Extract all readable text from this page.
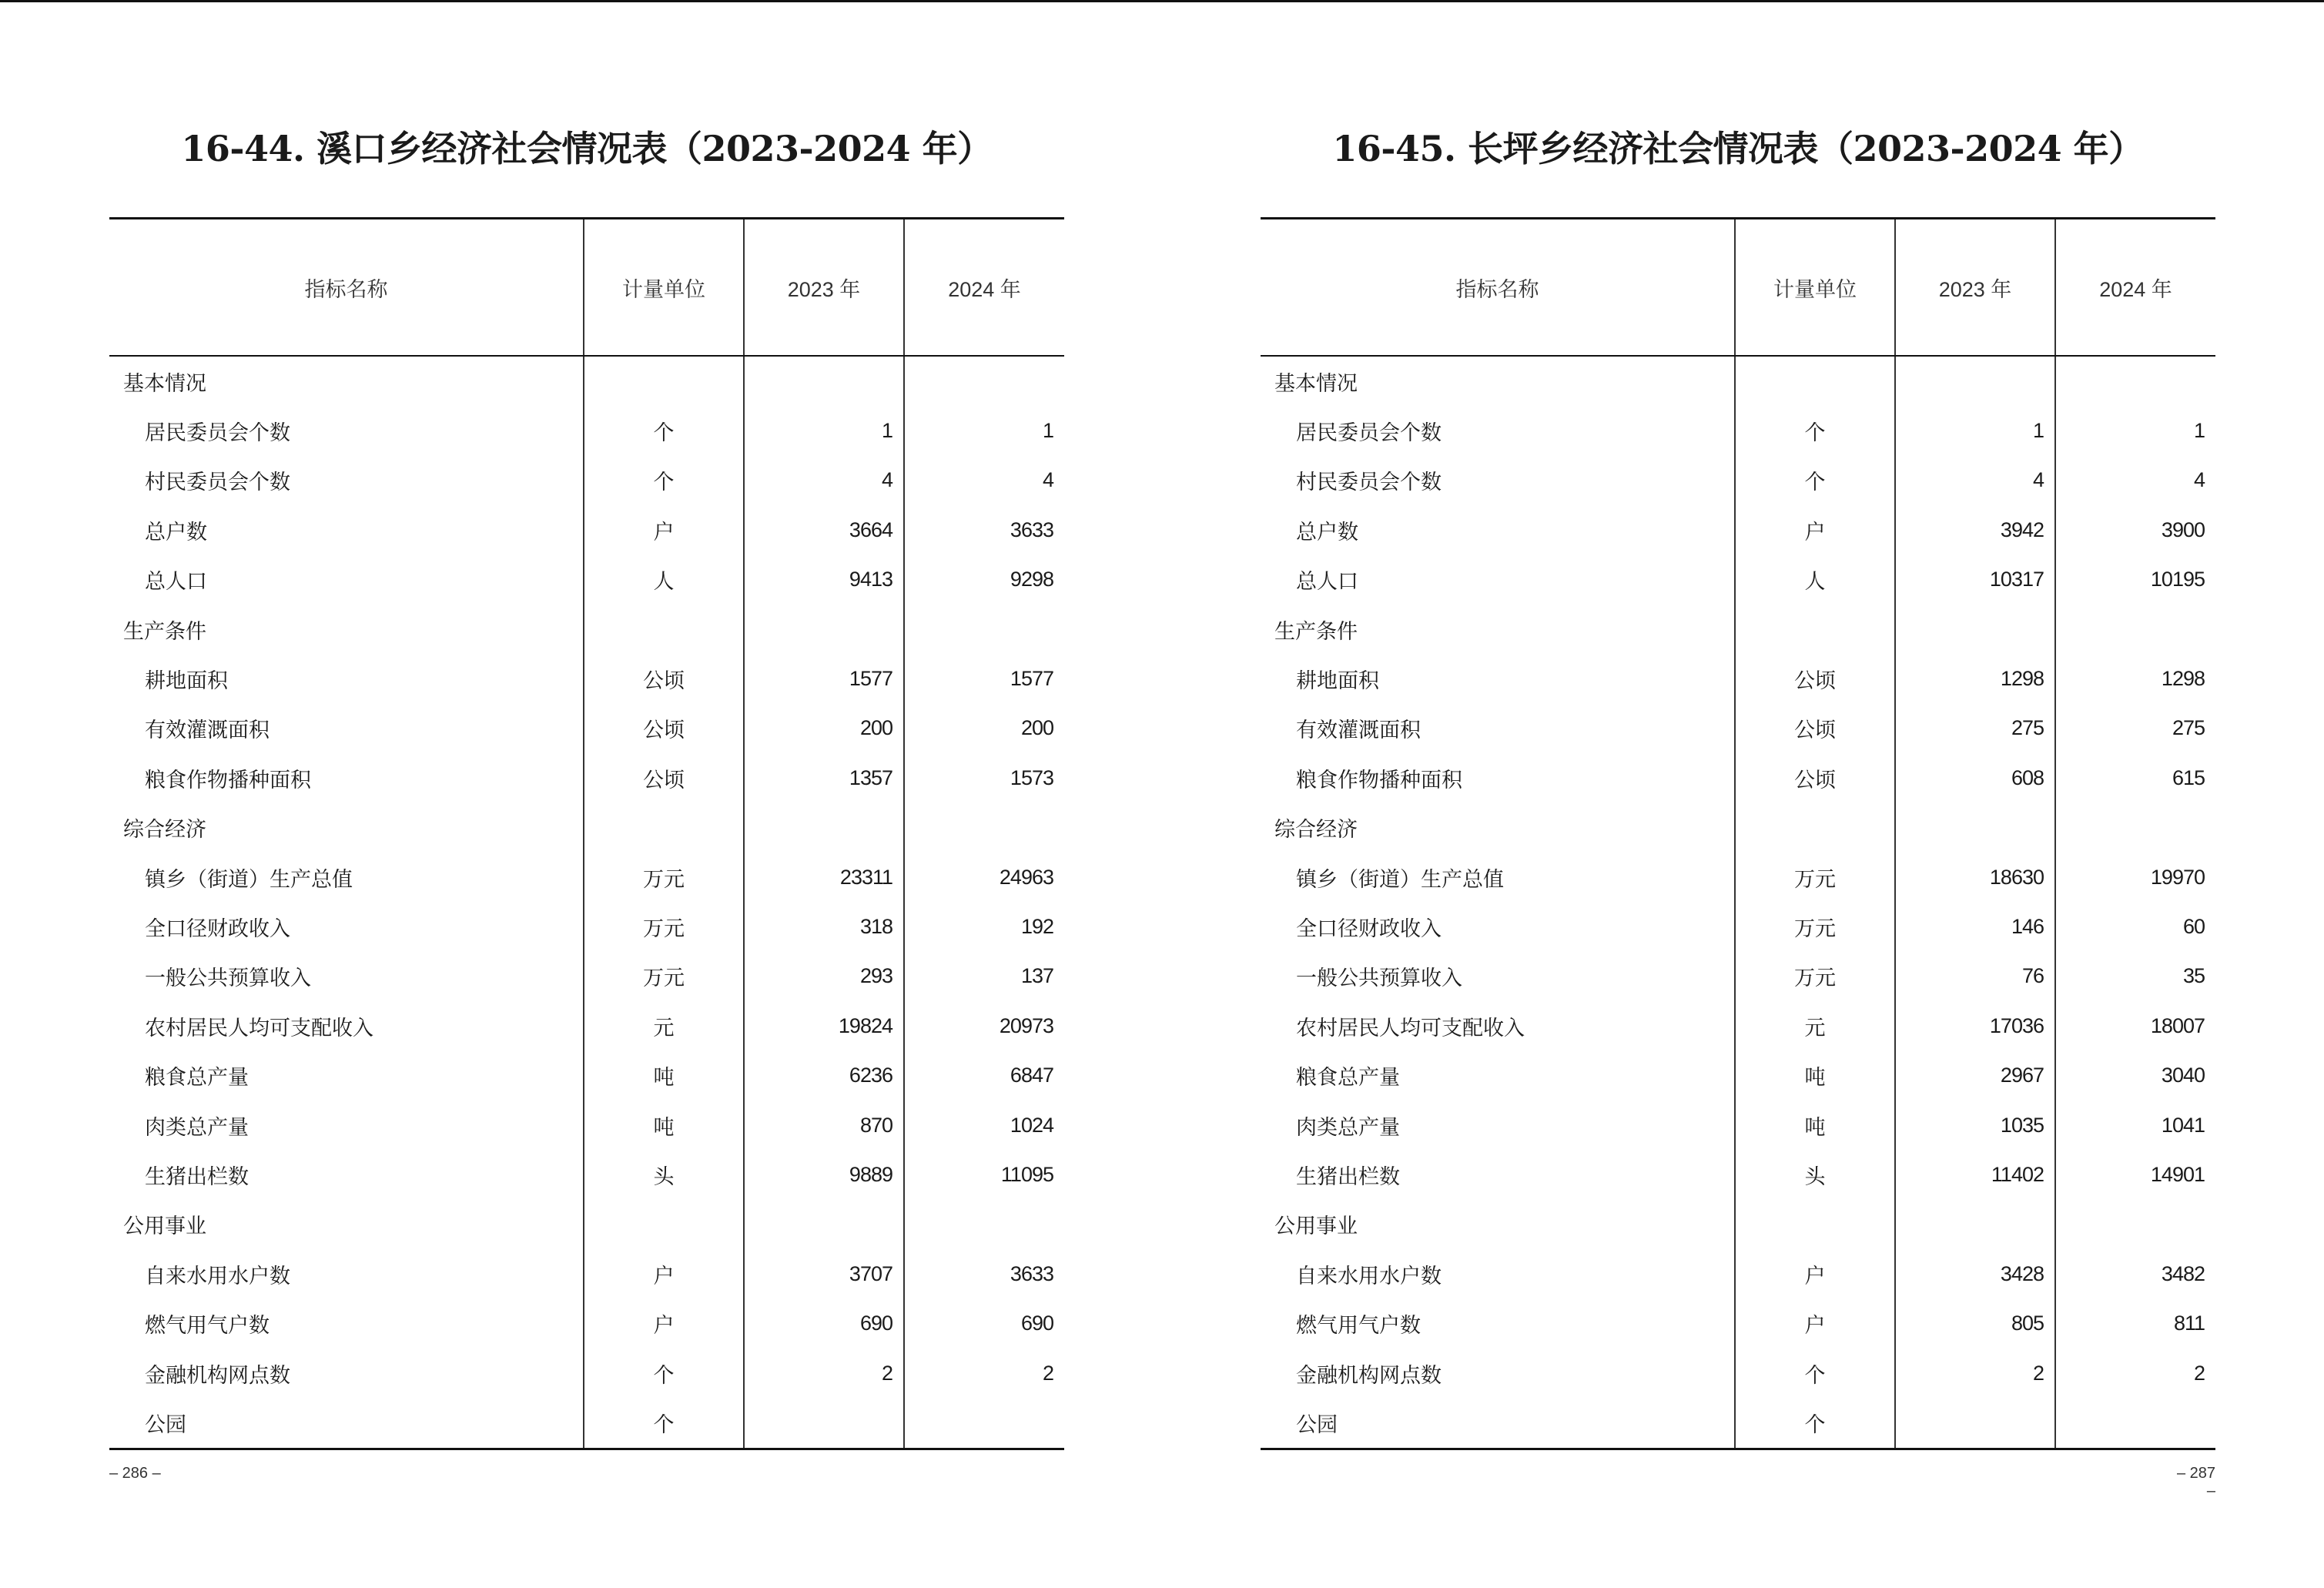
16-44. 溪口乡经济社会情况表（2023-2024 年）
指标名称	计量单位	2023 年	2024 年
基本情况			
居民委员会个数	个	1	1
村民委员会个数	个	4	4
总户数	户	3664	3633
总人口	人	9413	9298
生产条件			
耕地面积	公顷	1577	1577
有效灌溉面积	公顷	200	200
粮食作物播种面积	公顷	1357	1573
综合经济			
镇乡（街道）生产总值	万元	23311	24963
全口径财政收入	万元	318	192
一般公共预算收入	万元	293	137
农村居民人均可支配收入	元	19824	20973
粮食总产量	吨	6236	6847
肉类总产量	吨	870	1024
生猪出栏数	头	9889	11095
公用事业			
自来水用水户数	户	3707	3633
燃气用气户数	户	690	690
金融机构网点数	个	2	2
公园	个		
– 286 –
16-45. 长坪乡经济社会情况表（2023-2024 年）
指标名称	计量单位	2023 年	2024 年
基本情况			
居民委员会个数	个	1	1
村民委员会个数	个	4	4
总户数	户	3942	3900
总人口	人	10317	10195
生产条件			
耕地面积	公顷	1298	1298
有效灌溉面积	公顷	275	275
粮食作物播种面积	公顷	608	615
综合经济			
镇乡（街道）生产总值	万元	18630	19970
全口径财政收入	万元	146	60
一般公共预算收入	万元	76	35
农村居民人均可支配收入	元	17036	18007
粮食总产量	吨	2967	3040
肉类总产量	吨	1035	1041
生猪出栏数	头	11402	14901
公用事业			
自来水用水户数	户	3428	3482
燃气用气户数	户	805	811
金融机构网点数	个	2	2
公园	个		
– 287 –
